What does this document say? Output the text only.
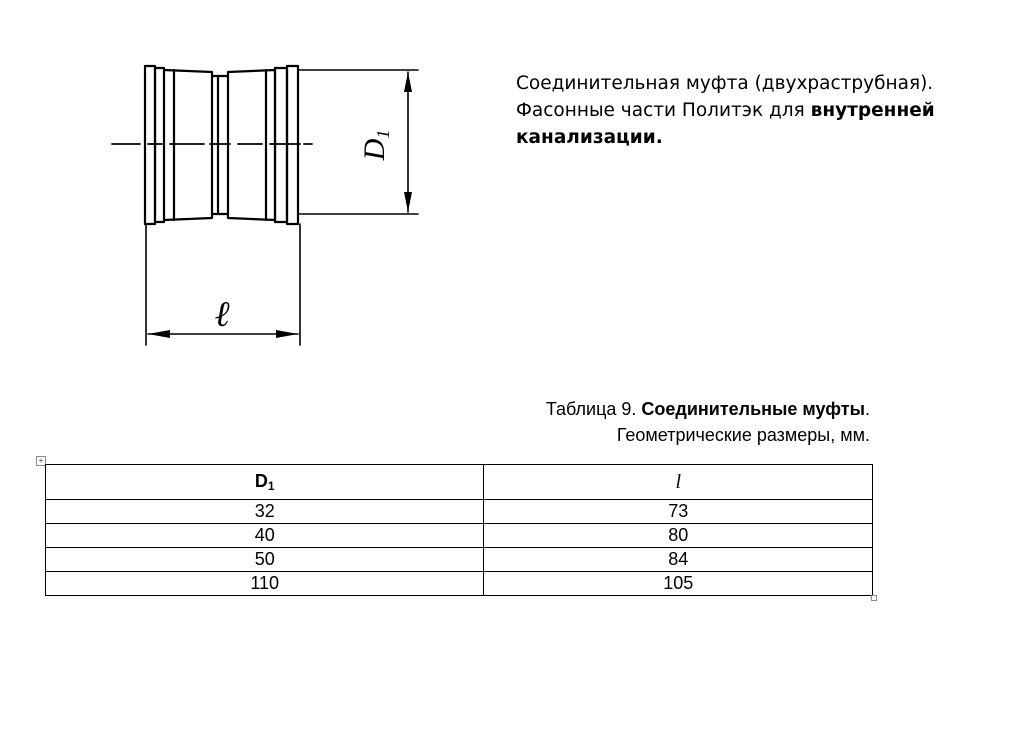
D1
ℓ
Соединительная муфта (двухраструбная).
Фасонные части Политэк для внутренней
канализации.
Таблица 9. Соединительные муфты.
Геометрические размеры, мм.
+
$D_1$	l
32	73
40	80
50	84
110	105
